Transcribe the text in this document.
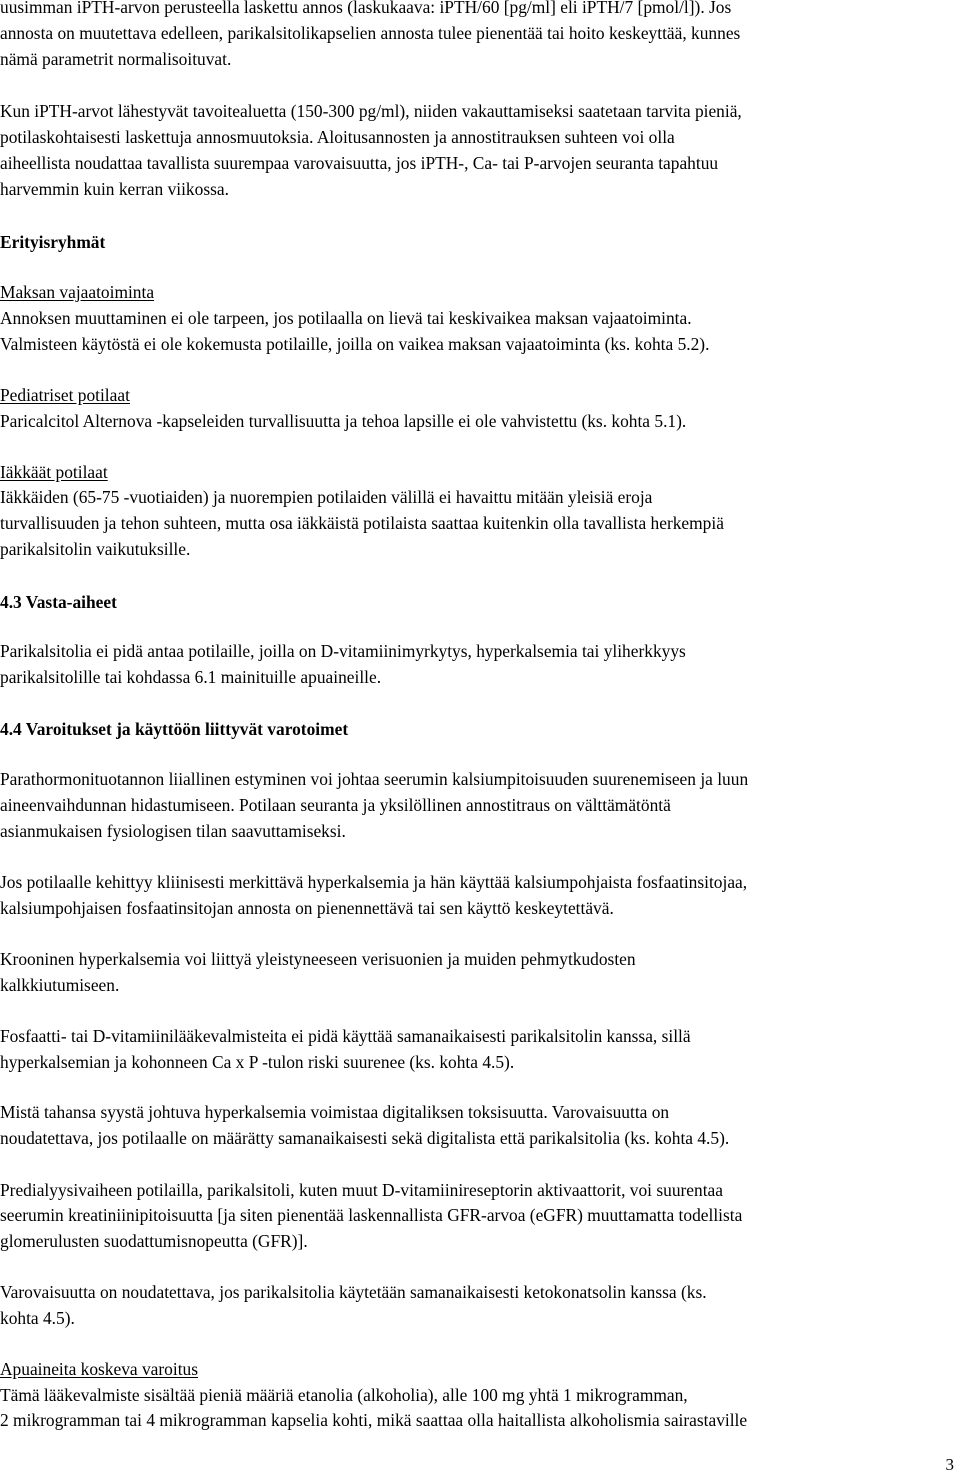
uusimman iPTH-arvon perusteella laskettu annos (laskukaava: iPTH/60 [pg/ml] eli iPTH/7 [pmol/l]). Jos

annosta on muutettava edelleen, parikalsitolikapselien annosta tulee pienentää tai hoito keskeyttää, kunnes

nämä parametrit normalisoituvat.

Kun iPTH-arvot lähestyvät tavoitealuetta (150-300 pg/ml), niiden vakauttamiseksi saatetaan tarvita pieniä,

potilaskohtaisesti laskettuja annosmuutoksia. Aloitusannosten ja annostitrauksen suhteen voi olla

aiheellista noudattaa tavallista suurempaa varovaisuutta, jos iPTH-, Ca- tai P-arvojen seuranta tapahtuu

harvemmin kuin kerran viikossa.

Erityisryhmät

Maksan vajaatoiminta

Annoksen muuttaminen ei ole tarpeen, jos potilaalla on lievä tai keskivaikea maksan vajaatoiminta.

Valmisteen käytöstä ei ole kokemusta potilaille, joilla on vaikea maksan vajaatoiminta (ks. kohta 5.2).

Pediatriset potilaat

Paricalcitol Alternova -kapseleiden turvallisuutta ja tehoa lapsille ei ole vahvistettu (ks. kohta 5.1).

Iäkkäät potilaat

Iäkkäiden (65-75 -vuotiaiden) ja nuorempien potilaiden välillä ei havaittu mitään yleisiä eroja

turvallisuuden ja tehon suhteen, mutta osa iäkkäistä potilaista saattaa kuitenkin olla tavallista herkempiä

parikalsitolin vaikutuksille.

4.3 Vasta-aiheet

Parikalsitolia ei pidä antaa potilaille, joilla on D-vitamiinimyrkytys, hyperkalsemia tai yliherkkyys

parikalsitolille tai kohdassa 6.1 mainituille apuaineille.

4.4 Varoitukset ja käyttöön liittyvät varotoimet

Parathormonituotannon liiallinen estyminen voi johtaa seerumin kalsiumpitoisuuden suurenemiseen ja luun

aineenvaihdunnan hidastumiseen. Potilaan seuranta ja yksilöllinen annostitraus on välttämätöntä

asianmukaisen fysiologisen tilan saavuttamiseksi.

Jos potilaalle kehittyy kliinisesti merkittävä hyperkalsemia ja hän käyttää kalsiumpohjaista fosfaatinsitojaa,

kalsiumpohjaisen fosfaatinsitojan annosta on pienennettävä tai sen käyttö keskeytettävä.

Krooninen hyperkalsemia voi liittyä yleistyneeseen verisuonien ja muiden pehmytkudosten

kalkkiutumiseen.

Fosfaatti- tai D-vitamiinilääkevalmisteita ei pidä käyttää samanaikaisesti parikalsitolin kanssa, sillä

hyperkalsemian ja kohonneen Ca x P -tulon riski suurenee (ks. kohta 4.5).

Mistä tahansa syystä johtuva hyperkalsemia voimistaa digitaliksen toksisuutta. Varovaisuutta on

noudatettava, jos potilaalle on määrätty samanaikaisesti sekä digitalista että parikalsitolia (ks. kohta 4.5).

Predialyysivaiheen potilailla, parikalsitoli, kuten muut D-vitamiinireseptorin aktivaattorit, voi suurentaa

seerumin kreatiniinipitoisuutta [ja siten pienentää laskennallista GFR-arvoa (eGFR) muuttamatta todellista

glomerulusten suodattumisnopeutta (GFR)].

Varovaisuutta on noudatettava, jos parikalsitolia käytetään samanaikaisesti ketokonatsolin kanssa (ks.

kohta 4.5).

Apuaineita koskeva varoitus

Tämä lääkevalmiste sisältää pieniä määriä etanolia (alkoholia), alle 100 mg yhtä 1 mikrogramman,

2 mikrogramman tai 4 mikrogramman kapselia kohti, mikä saattaa olla haitallista alkoholismia sairastaville

3
